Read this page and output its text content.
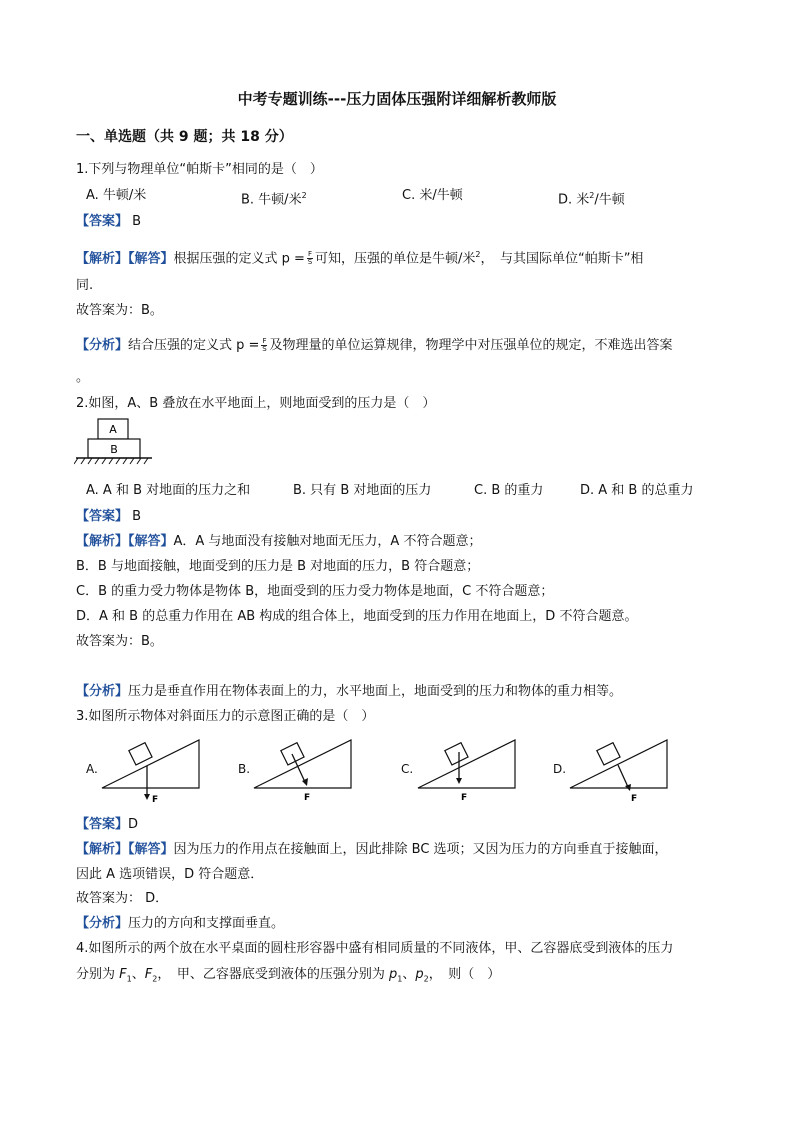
中考专题训练---压力固体压强附详细解析教师版
一、单选题（共 9 题；共 18 分）
1.下列与物理单位“帕斯卡”相同的是（　）
A. 牛顿/米	B. 牛顿/米$^2$	C. 米/牛顿	D. 米$^2$/牛顿
【答案】 B
【解析】【解答】根据压强的定义式 $p = \frac{F}{S}$ 可知，压强的单位是牛顿/米$^2$，　与其国际单位“帕斯卡”相
同.
故答案为：B。
【分析】结合压强的定义式 $p = \frac{F}{S}$ 及物理量的单位运算规律，物理学中对压强单位的规定，不难选出答案
。
2.如图，A、B 叠放在水平地面上，则地面受到的压力是（　）
A
B
A. A 和 B 对地面的压力之和	B. 只有 B 对地面的压力	C. B 的重力	D. A 和 B 的总重力
【答案】 B
【解析】【解答】A．A 与地面没有接触对地面无压力，A 不符合题意；
B．B 与地面接触，地面受到的压力是 B 对地面的压力，B 符合题意；
C．B 的重力受力物体是物体 B，地面受到的压力受力物体是地面，C 不符合题意；
D．A 和 B 的总重力作用在 AB 构成的组合体上，地面受到的压力作用在地面上，D 不符合题意。
故答案为：B。
【分析】压力是垂直作用在物体表面上的力，水平地面上，地面受到的压力和物体的重力相等。
3.如图所示物体对斜面压力的示意图正确的是（　）
A.
F
B.
F
C.
F
D.
F
【答案】D
【解析】【解答】因为压力的作用点在接触面上，因此排除 BC 选项；又因为压力的方向垂直于接触面，
因此 A 选项错误，D 符合题意．
故答案为： D．
【分析】压力的方向和支撑面垂直。
4.如图所示的两个放在水平桌面的圆柱形容器中盛有相同质量的不同液体，甲、乙容器底受到液体的压力
分别为 $F_1$、$F_2$，　甲、乙容器底受到液体的压强分别为 $p_1$、$p_2$，　则（　）
